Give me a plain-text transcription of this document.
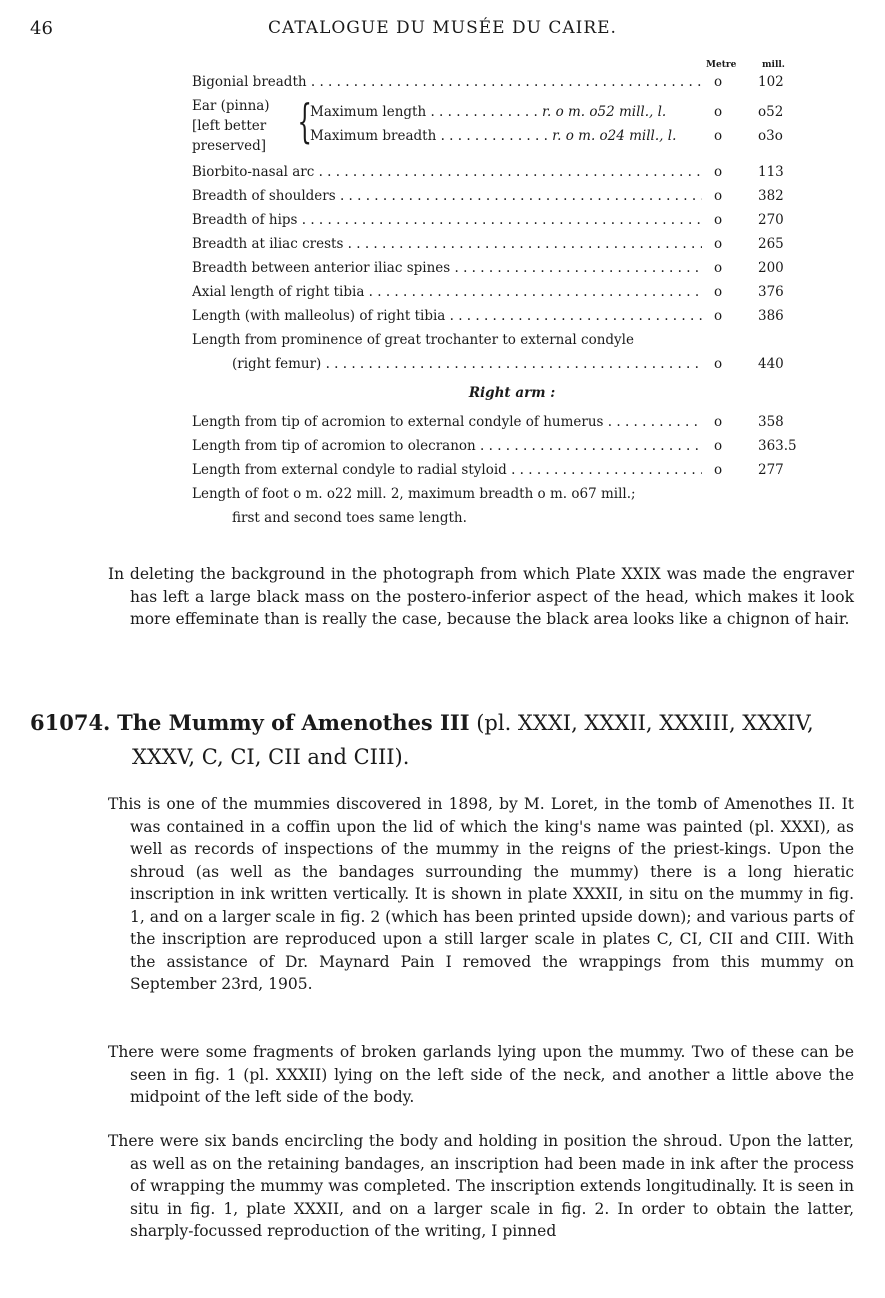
46	CATALOGUE DU MUSÉE DU CAIRE.
Metre	mill.
Bigonial breadth . . .	o	102
Ear (pinna)
[left better
preserved] {
Maximum length . . .	r. o m. o52 mill., l.	o	o52
Maximum breadth . . .	r. o m. o24 mill., l.	o	o3o
Biorbito-nasal arc . . .	o	113
Breadth of shoulders . . .	o	382
Breadth of hips . . .	o	270
Breadth at iliac crests . . .	o	265
Breadth between anterior iliac spines . . .	o	200
Axial length of right tibia . . .	o	376
Length (with malleolus) of right tibia . . .	o	386
Length from prominence of great trochanter to external condyle
(right femur) . . .	o	440
Right arm :
Length from tip of acromion to external condyle of humerus . . .	o	358
Length from tip of acromion to olecranon . . .	o	363.5
Length from external condyle to radial styloid . . .	o	277
Length of foot o m. o22 mill. 2, maximum breadth o m. o67 mill.;
first and second toes same length.
In deleting the background in the photograph from which Plate XXIX was made the engraver has left a large black mass on the postero-inferior aspect of the head, which makes it look more effeminate than is really the case, because the black area looks like a chignon of hair.
61074. The Mummy of Amenothes III (pl. XXXI, XXXII, XXXIII, XXXIV, XXXV, C, CI, CII and CIII).
This is one of the mummies discovered in 1898, by M. Loret, in the tomb of Amenothes II. It was contained in a coffin upon the lid of which the king's name was painted (pl. XXXI), as well as records of inspections of the mummy in the reigns of the priest-kings. Upon the shroud (as well as the bandages surrounding the mummy) there is a long hieratic inscription in ink written vertically. It is shown in plate XXXII, in situ on the mummy in fig. 1, and on a larger scale in fig. 2 (which has been printed upside down); and various parts of the inscription are reproduced upon a still larger scale in plates C, CI, CII and CIII. With the assistance of Dr. Maynard Pain I removed the wrappings from this mummy on September 23rd, 1905.
There were some fragments of broken garlands lying upon the mummy. Two of these can be seen in fig. 1 (pl. XXXII) lying on the left side of the neck, and another a little above the midpoint of the left side of the body.
There were six bands encircling the body and holding in position the shroud. Upon the latter, as well as on the retaining bandages, an inscription had been made in ink after the process of wrapping the mummy was completed. The inscription extends longitudinally. It is seen in situ in fig. 1, plate XXXII, and on a larger scale in fig. 2. In order to obtain the latter, sharply-focussed reproduction of the writing, I pinned
